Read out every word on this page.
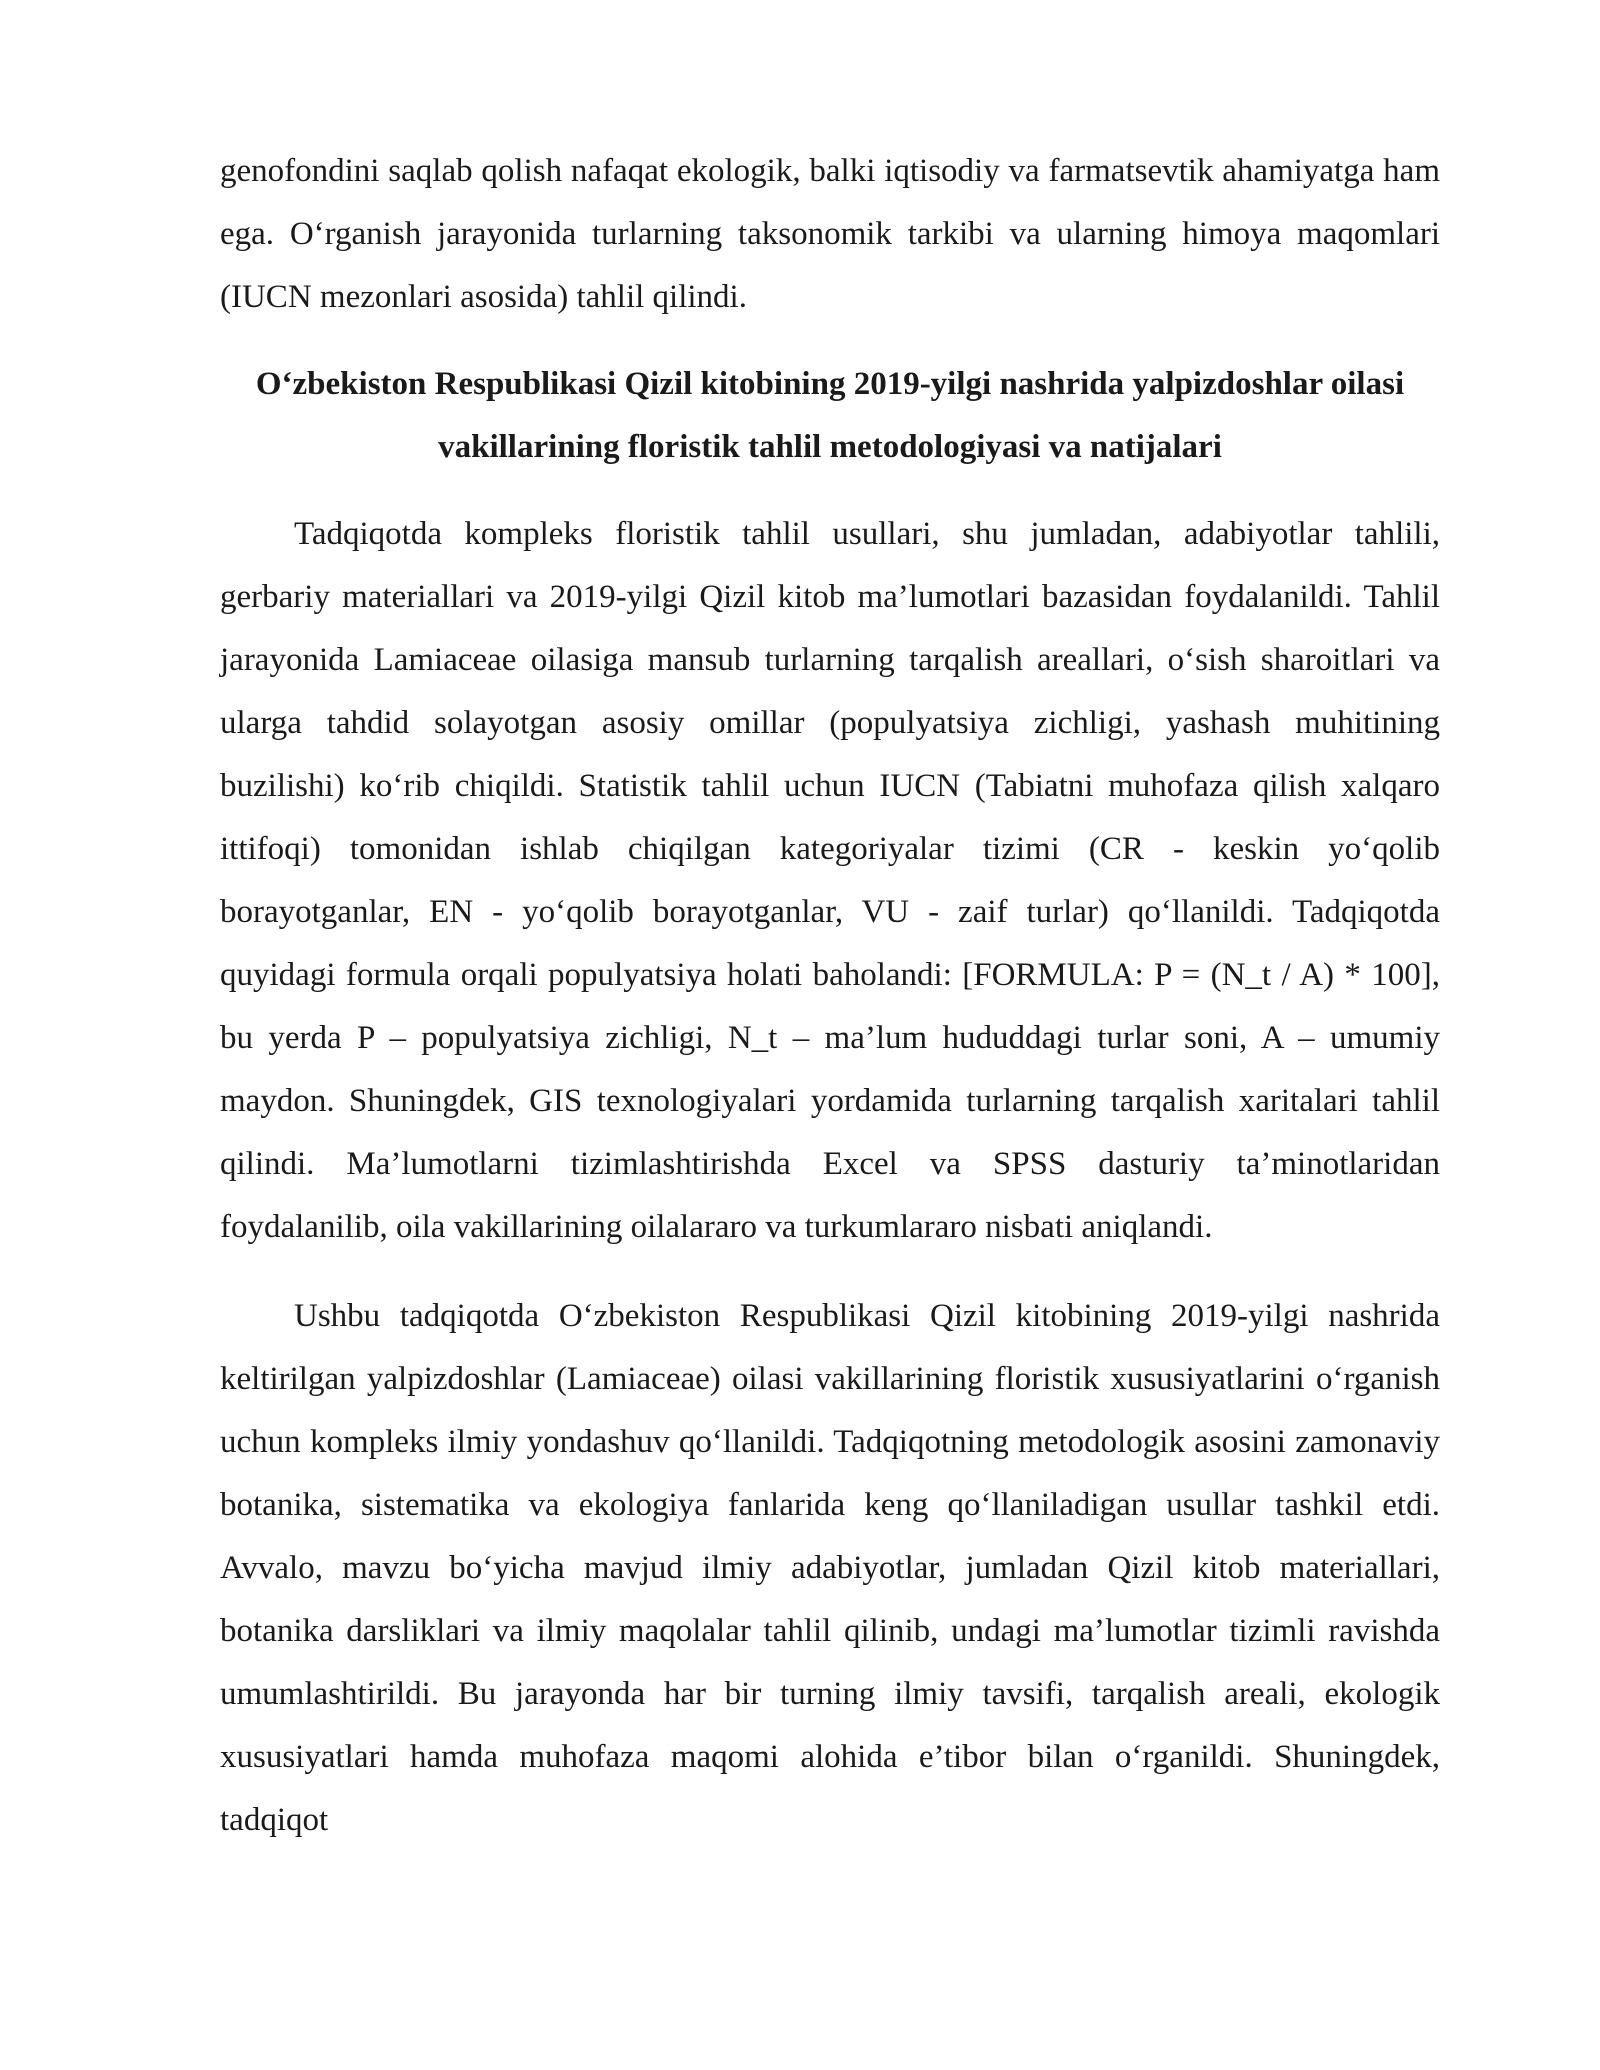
genofondini saqlab qolish nafaqat ekologik, balki iqtisodiy va farmatsevtik ahamiyatga ham ega. O‘rganish jarayonida turlarning taksonomik tarkibi va ularning himoya maqomlari (IUCN mezonlari asosida) tahlil qilindi.

O‘zbekiston Respublikasi Qizil kitobining 2019-yilgi nashrida yalpizdoshlar oilasi vakillarining floristik tahlil metodologiyasi va natijalari

Tadqiqotda kompleks floristik tahlil usullari, shu jumladan, adabiyotlar tahlili, gerbariy materiallari va 2019-yilgi Qizil kitob ma’lumotlari bazasidan foydalanildi. Tahlil jarayonida Lamiaceae oilasiga mansub turlarning tarqalish areallari, o‘sish sharoitlari va ularga tahdid solayotgan asosiy omillar (populyatsiya zichligi, yashash muhitining buzilishi) ko‘rib chiqildi. Statistik tahlil uchun IUCN (Tabiatni muhofaza qilish xalqaro ittifoqi) tomonidan ishlab chiqilgan kategoriyalar tizimi (CR - keskin yo‘qolib borayotganlar, EN - yo‘qolib borayotganlar, VU - zaif turlar) qo‘llanildi. Tadqiqotda quyidagi formula orqali populyatsiya holati baholandi: [FORMULA: P = (N_t / A) * 100], bu yerda P – populyatsiya zichligi, N_t – ma’lum hududdagi turlar soni, A – umumiy maydon. Shuningdek, GIS texnologiyalari yordamida turlarning tarqalish xaritalari tahlil qilindi. Ma’lumotlarni tizimlashtirishda Excel va SPSS dasturiy ta’minotlaridan foydalanilib, oila vakillarining oilalararo va turkumlararo nisbati aniqlandi.

Ushbu tadqiqotda O‘zbekiston Respublikasi Qizil kitobining 2019-yilgi nashrida keltirilgan yalpizdoshlar (Lamiaceae) oilasi vakillarining floristik xususiyatlarini o‘rganish uchun kompleks ilmiy yondashuv qo‘llanildi. Tadqiqotning metodologik asosini zamonaviy botanika, sistematika va ekologiya fanlarida keng qo‘llaniladigan usullar tashkil etdi. Avvalo, mavzu bo‘yicha mavjud ilmiy adabiyotlar, jumladan Qizil kitob materiallari, botanika darsliklari va ilmiy maqolalar tahlil qilinib, undagi ma’lumotlar tizimli ravishda umumlashtirildi. Bu jarayonda har bir turning ilmiy tavsifi, tarqalish areali, ekologik xususiyatlari hamda muhofaza maqomi alohida e’tibor bilan o‘rganildi. Shuningdek, tadqiqot
